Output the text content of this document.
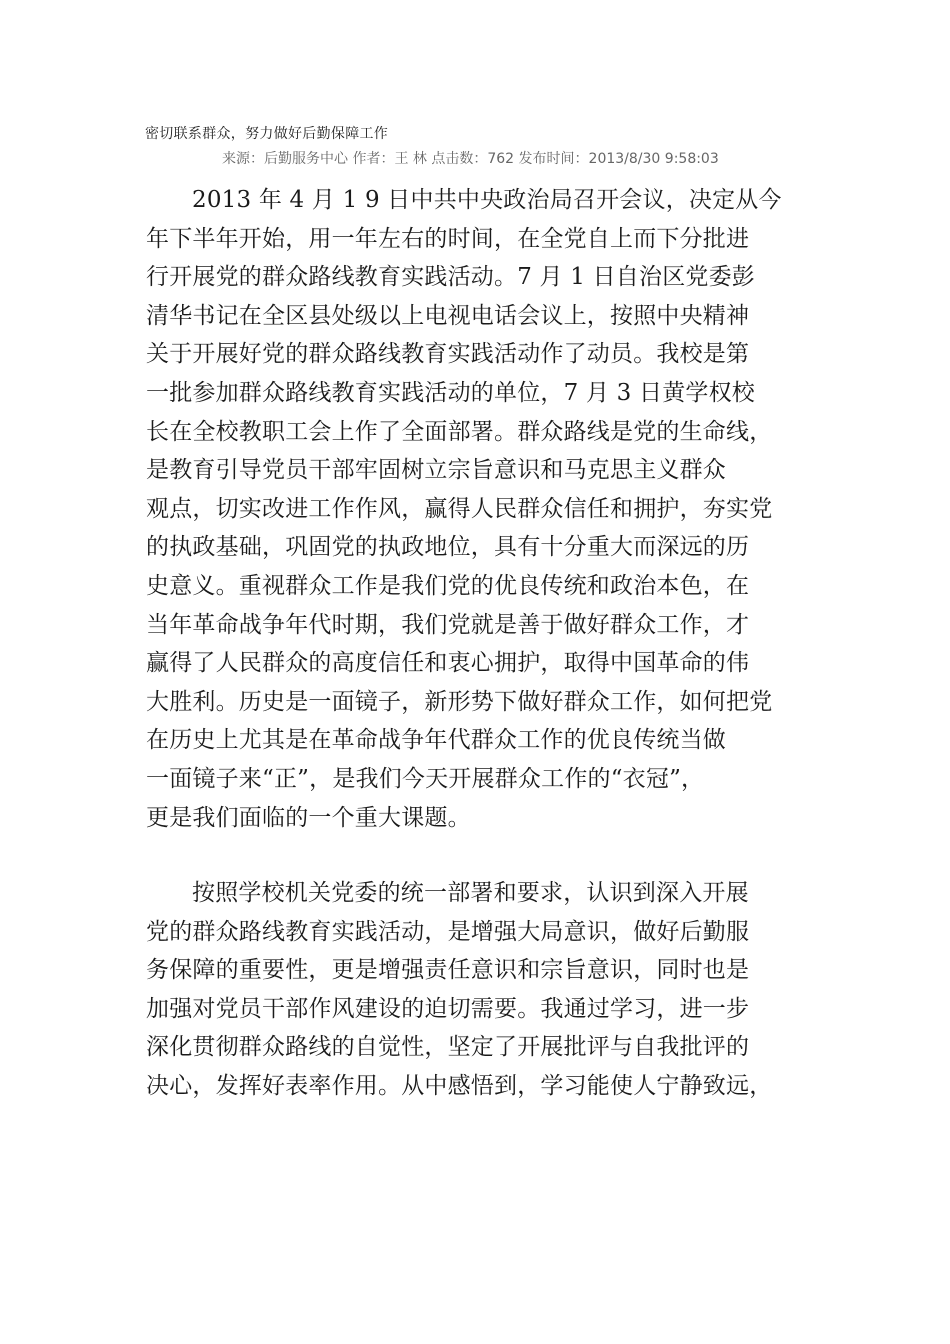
密切联系群众，努力做好后勤保障工作
来源：后勤服务中心 作者：王 林 点击数：762 发布时间：2013/8/30 9:58:03
2013 年 4 月 1 9 日中共中央政治局召开会议，决定从今
年下半年开始，用一年左右的时间，在全党自上而下分批进
行开展党的群众路线教育实践活动。7 月 1 日自治区党委彭
清华书记在全区县处级以上电视电话会议上，按照中央精神
关于开展好党的群众路线教育实践活动作了动员。我校是第
一批参加群众路线教育实践活动的单位，7 月 3 日黄学权校
长在全校教职工会上作了全面部署。群众路线是党的生命线，
是教育引导党员干部牢固树立宗旨意识和马克思主义群众
观点，切实改进工作作风，赢得人民群众信任和拥护，夯实党
的执政基础，巩固党的执政地位，具有十分重大而深远的历
史意义。重视群众工作是我们党的优良传统和政治本色，在
当年革命战争年代时期，我们党就是善于做好群众工作，才
赢得了人民群众的高度信任和衷心拥护，取得中国革命的伟
大胜利。历史是一面镜子，新形势下做好群众工作，如何把党
在历史上尤其是在革命战争年代群众工作的优良传统当做
一面镜子来“正”，是我们今天开展群众工作的“衣冠”，
更是我们面临的一个重大课题。
按照学校机关党委的统一部署和要求，认识到深入开展
党的群众路线教育实践活动，是增强大局意识，做好后勤服
务保障的重要性，更是增强责任意识和宗旨意识，同时也是
加强对党员干部作风建设的迫切需要。我通过学习，进一步
深化贯彻群众路线的自觉性，坚定了开展批评与自我批评的
决心，发挥好表率作用。从中感悟到，学习能使人宁静致远，
